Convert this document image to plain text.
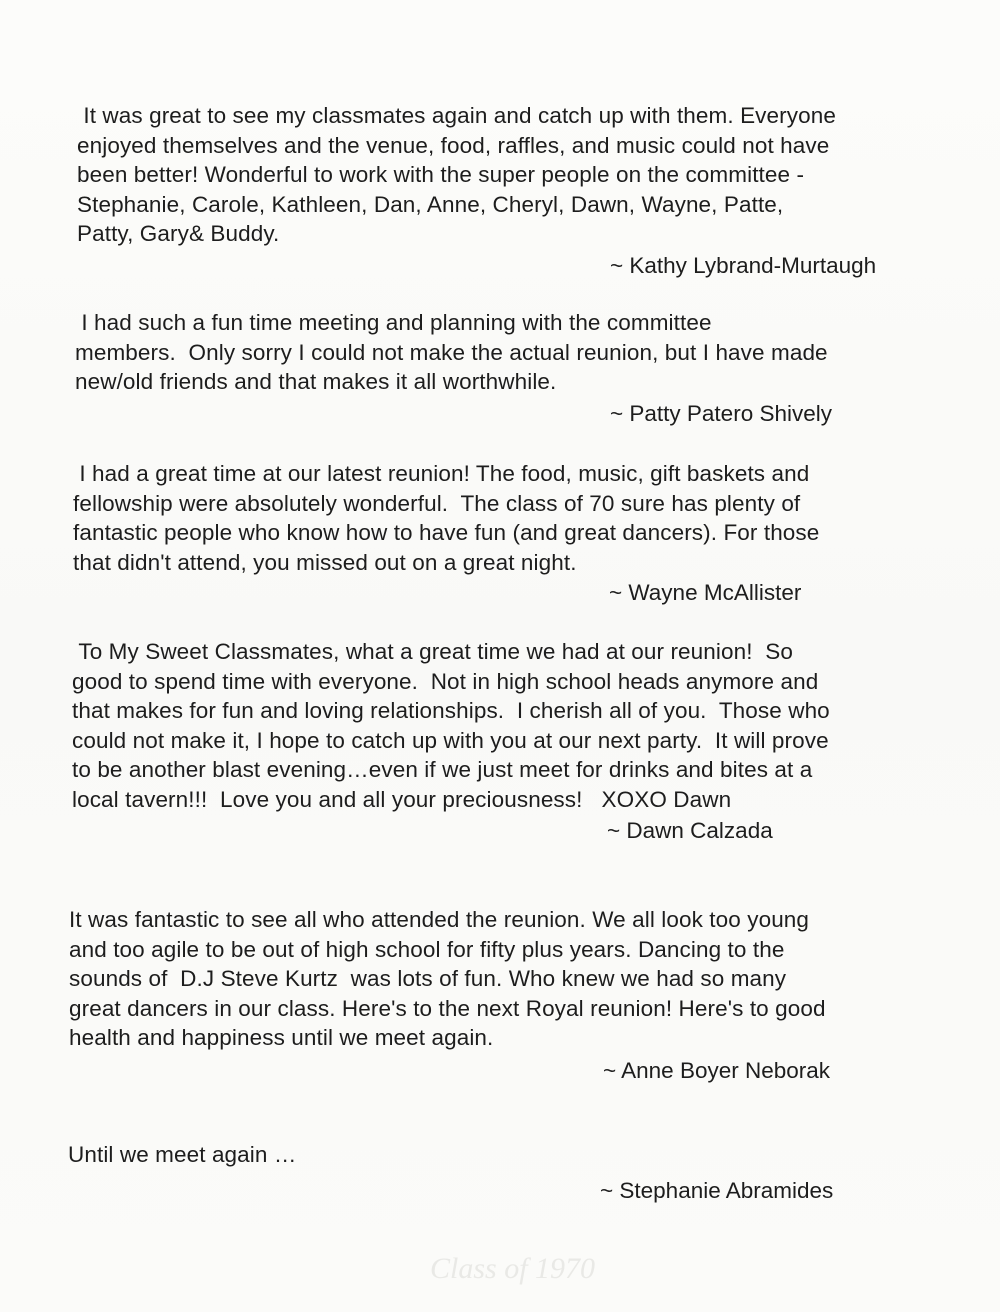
It was great to see my classmates again and catch up with them. Everyone

enjoyed themselves and the venue, food, raffles, and music could not have

been better! Wonderful to work with the super people on the committee -

Stephanie, Carole, Kathleen, Dan, Anne, Cheryl, Dawn, Wayne, Patte,

Patty, Gary& Buddy.

~ Kathy Lybrand-Murtaugh

I had such a fun time meeting and planning with the committee

members.  Only sorry I could not make the actual reunion, but I have made

new/old friends and that makes it all worthwhile.

~ Patty Patero Shively

I had a great time at our latest reunion! The food, music, gift baskets and

fellowship were absolutely wonderful.  The class of 70 sure has plenty of

fantastic people who know how to have fun (and great dancers). For those

that didn't attend, you missed out on a great night.

~ Wayne McAllister

To My Sweet Classmates, what a great time we had at our reunion!  So

good to spend time with everyone.  Not in high school heads anymore and

that makes for fun and loving relationships.  I cherish all of you.  Those who

could not make it, I hope to catch up with you at our next party.  It will prove

to be another blast evening…even if we just meet for drinks and bites at a

local tavern!!!  Love you and all your preciousness!   XOXO Dawn

~ Dawn Calzada

It was fantastic to see all who attended the reunion. We all look too young

and too agile to be out of high school for fifty plus years. Dancing to the

sounds of  D.J Steve Kurtz  was lots of fun. Who knew we had so many

great dancers in our class. Here's to the next Royal reunion! Here's to good

health and happiness until we meet again.

~ Anne Boyer Neborak

Until we meet again …

~ Stephanie Abramides
Class of 1970
